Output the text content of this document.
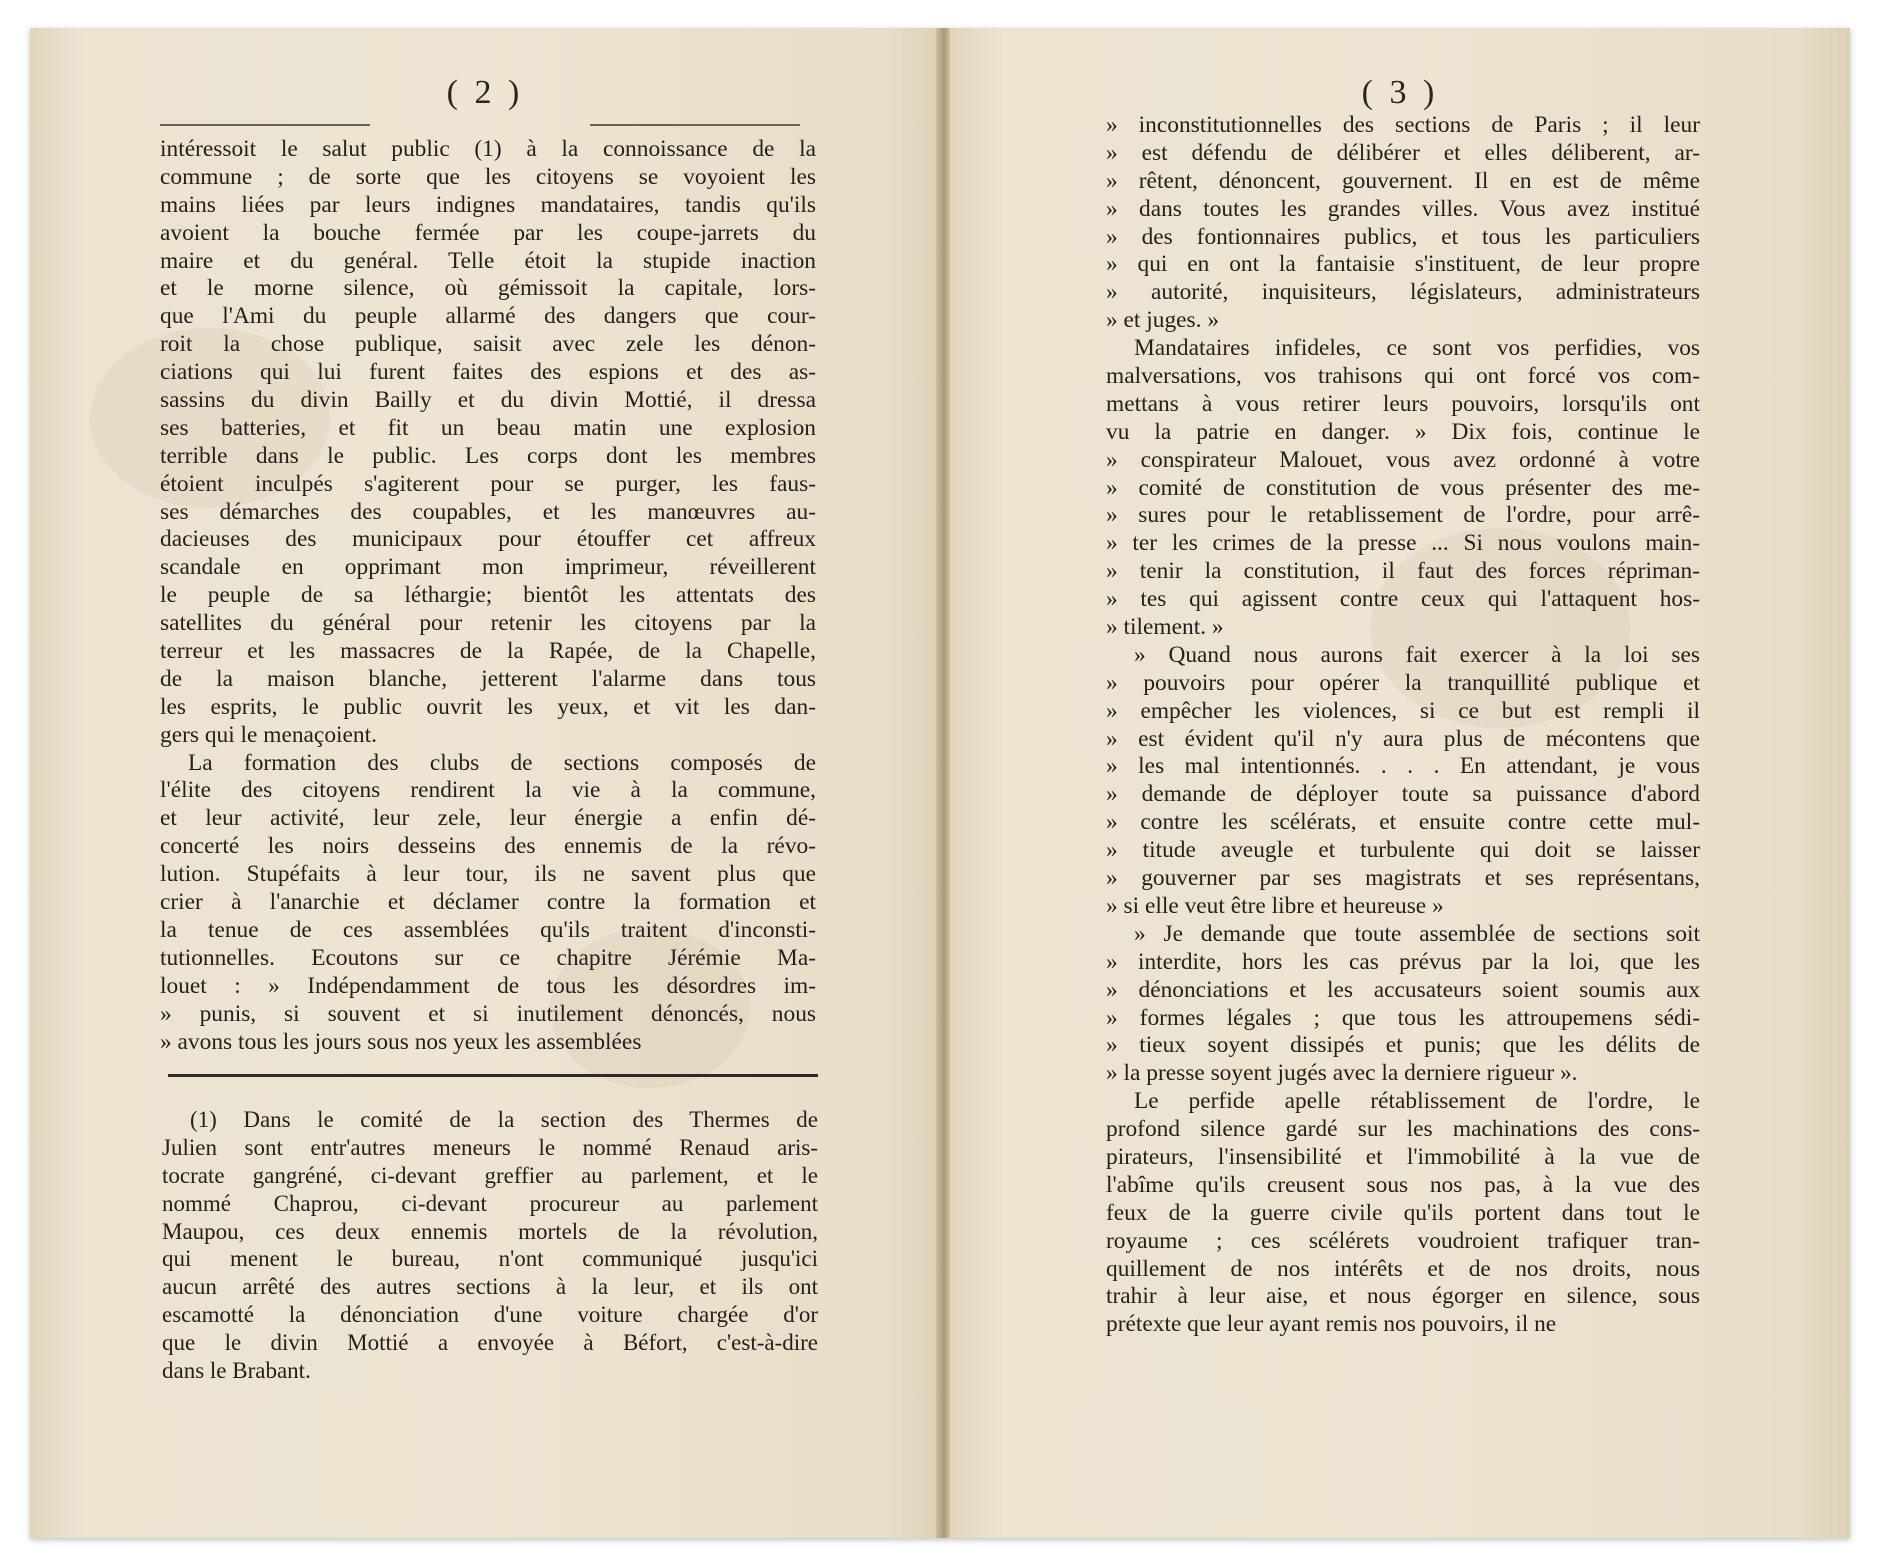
( 2 )
intéressoit le salut public (1) à la connoissance de la
commune ; de sorte que les citoyens se voyoient les
mains liées par leurs indignes mandataires, tandis qu'ils
avoient la bouche fermée par les coupe-jarrets du
maire et du genéral. Telle étoit la stupide inaction
et le morne silence, où gémissoit la capitale, lors-
que l'Ami du peuple allarmé des dangers que cour-
roit la chose publique, saisit avec zele les dénon-
ciations qui lui furent faites des espions et des as-
sassins du divin Bailly et du divin Mottié, il dressa
ses batteries, et fit un beau matin une explosion
terrible dans le public. Les corps dont les membres
étoient inculpés s'agiterent pour se purger, les faus-
ses démarches des coupables, et les manœuvres au-
dacieuses des municipaux pour étouffer cet affreux
scandale en opprimant mon imprimeur, réveillerent
le peuple de sa léthargie; bientôt les attentats des
satellites du général pour retenir les citoyens par la
terreur et les massacres de la Rapée, de la Chapelle,
de la maison blanche, jetterent l'alarme dans tous
les esprits, le public ouvrit les yeux, et vit les dan-
gers qui le menaçoient.
La formation des clubs de sections composés de
l'élite des citoyens rendirent la vie à la commune,
et leur activité, leur zele, leur énergie a enfin dé-
concerté les noirs desseins des ennemis de la révo-
lution. Stupéfaits à leur tour, ils ne savent plus que
crier à l'anarchie et déclamer contre la formation et
la tenue de ces assemblées qu'ils traitent d'inconsti-
tutionnelles. Ecoutons sur ce chapitre Jérémie Ma-
louet : » Indépendamment de tous les désordres im-
» punis, si souvent et si inutilement dénoncés, nous
» avons tous les jours sous nos yeux les assemblées
(1) Dans le comité de la section des Thermes de
Julien sont entr'autres meneurs le nommé Renaud aris-
tocrate gangréné, ci-devant greffier au parlement, et le
nommé Chaprou, ci-devant procureur au parlement
Maupou, ces deux ennemis mortels de la révolution,
qui menent le bureau, n'ont communiqué jusqu'ici
aucun arrêté des autres sections à la leur, et ils ont
escamotté la dénonciation d'une voiture chargée d'or
que le divin Mottié a envoyée à Béfort, c'est-à-dire
dans le Brabant.
( 3 )
» inconstitutionnelles des sections de Paris ; il leur
» est défendu de délibérer et elles déliberent, ar-
» rêtent, dénoncent, gouvernent. Il en est de même
» dans toutes les grandes villes. Vous avez institué
» des fontionnaires publics, et tous les particuliers
» qui en ont la fantaisie s'instituent, de leur propre
» autorité, inquisiteurs, législateurs, administrateurs
» et juges. »
Mandataires infideles, ce sont vos perfidies, vos
malversations, vos trahisons qui ont forcé vos com-
mettans à vous retirer leurs pouvoirs, lorsqu'ils ont
vu la patrie en danger. » Dix fois, continue le
» conspirateur Malouet, vous avez ordonné à votre
» comité de constitution de vous présenter des me-
» sures pour le retablissement de l'ordre, pour arrê-
» ter les crimes de la presse ... Si nous voulons main-
» tenir la constitution, il faut des forces répriman-
» tes qui agissent contre ceux qui l'attaquent hos-
» tilement. »
» Quand nous aurons fait exercer à la loi ses
» pouvoirs pour opérer la tranquillité publique et
» empêcher les violences, si ce but est rempli il
» est évident qu'il n'y aura plus de mécontens que
» les mal intentionnés. . . . En attendant, je vous
» demande de déployer toute sa puissance d'abord
» contre les scélérats, et ensuite contre cette mul-
» titude aveugle et turbulente qui doit se laisser
» gouverner par ses magistrats et ses représentans,
» si elle veut être libre et heureuse »
» Je demande que toute assemblée de sections soit
» interdite, hors les cas prévus par la loi, que les
» dénonciations et les accusateurs soient soumis aux
» formes légales ; que tous les attroupemens sédi-
» tieux soyent dissipés et punis; que les délits de
» la presse soyent jugés avec la derniere rigueur ».
Le perfide apelle rétablissement de l'ordre, le
profond silence gardé sur les machinations des cons-
pirateurs, l'insensibilité et l'immobilité à la vue de
l'abîme qu'ils creusent sous nos pas, à la vue des
feux de la guerre civile qu'ils portent dans tout le
royaume ; ces scélérets voudroient trafiquer tran-
quillement de nos intérêts et de nos droits, nous
trahir à leur aise, et nous égorger en silence, sous
prétexte que leur ayant remis nos pouvoirs, il ne
